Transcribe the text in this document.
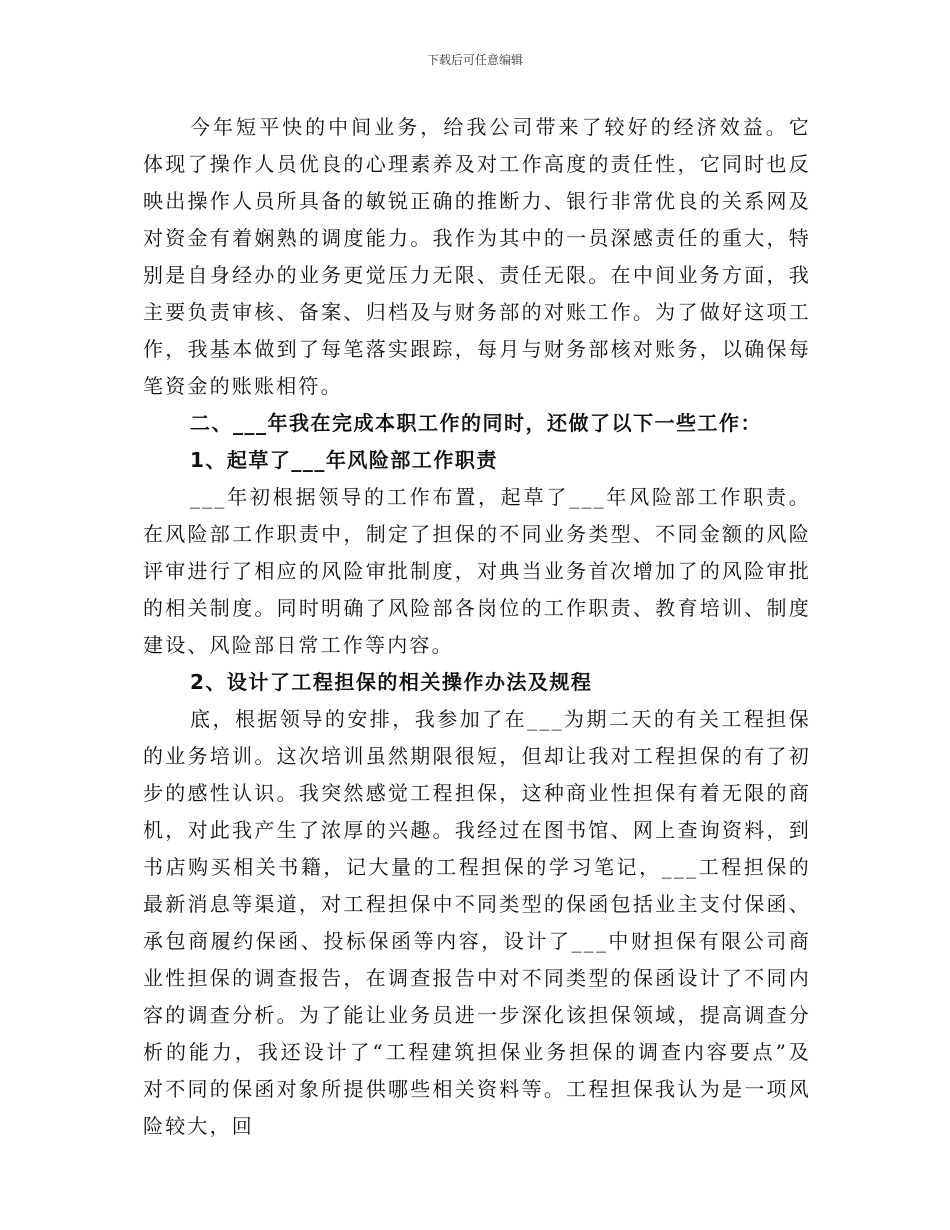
下载后可任意编辑

今年短平快的中间业务，给我公司带来了较好的经济效益。它体现了操作人员优良的心理素养及对工作高度的责任性，它同时也反映出操作人员所具备的敏锐正确的推断力、银行非常优良的关系网及对资金有着娴熟的调度能力。我作为其中的一员深感责任的重大，特别是自身经办的业务更觉压力无限、责任无限。在中间业务方面，我主要负责审核、备案、归档及与财务部的对账工作。为了做好这项工作，我基本做到了每笔落实跟踪，每月与财务部核对账务，以确保每笔资金的账账相符。

二、___年我在完成本职工作的同时，还做了以下一些工作：

1、起草了___年风险部工作职责

___年初根据领导的工作布置，起草了___年风险部工作职责。在风险部工作职责中，制定了担保的不同业务类型、不同金额的风险评审进行了相应的风险审批制度，对典当业务首次增加了的风险审批的相关制度。同时明确了风险部各岗位的工作职责、教育培训、制度建设、风险部日常工作等内容。

2、设计了工程担保的相关操作办法及规程

底，根据领导的安排，我参加了在___为期二天的有关工程担保的业务培训。这次培训虽然期限很短，但却让我对工程担保的有了初步的感性认识。我突然感觉工程担保，这种商业性担保有着无限的商机，对此我产生了浓厚的兴趣。我经过在图书馆、网上查询资料，到书店购买相关书籍，记大量的工程担保的学习笔记，___工程担保的最新消息等渠道，对工程担保中不同类型的保函包括业主支付保函、承包商履约保函、投标保函等内容，设计了___中财担保有限公司商业性担保的调查报告，在调查报告中对不同类型的保函设计了不同内容的调查分析。为了能让业务员进一步深化该担保领域，提高调查分析的能力，我还设计了“工程建筑担保业务担保的调查内容要点”及对不同的保函对象所提供哪些相关资料等。工程担保我认为是一项风险较大，回
